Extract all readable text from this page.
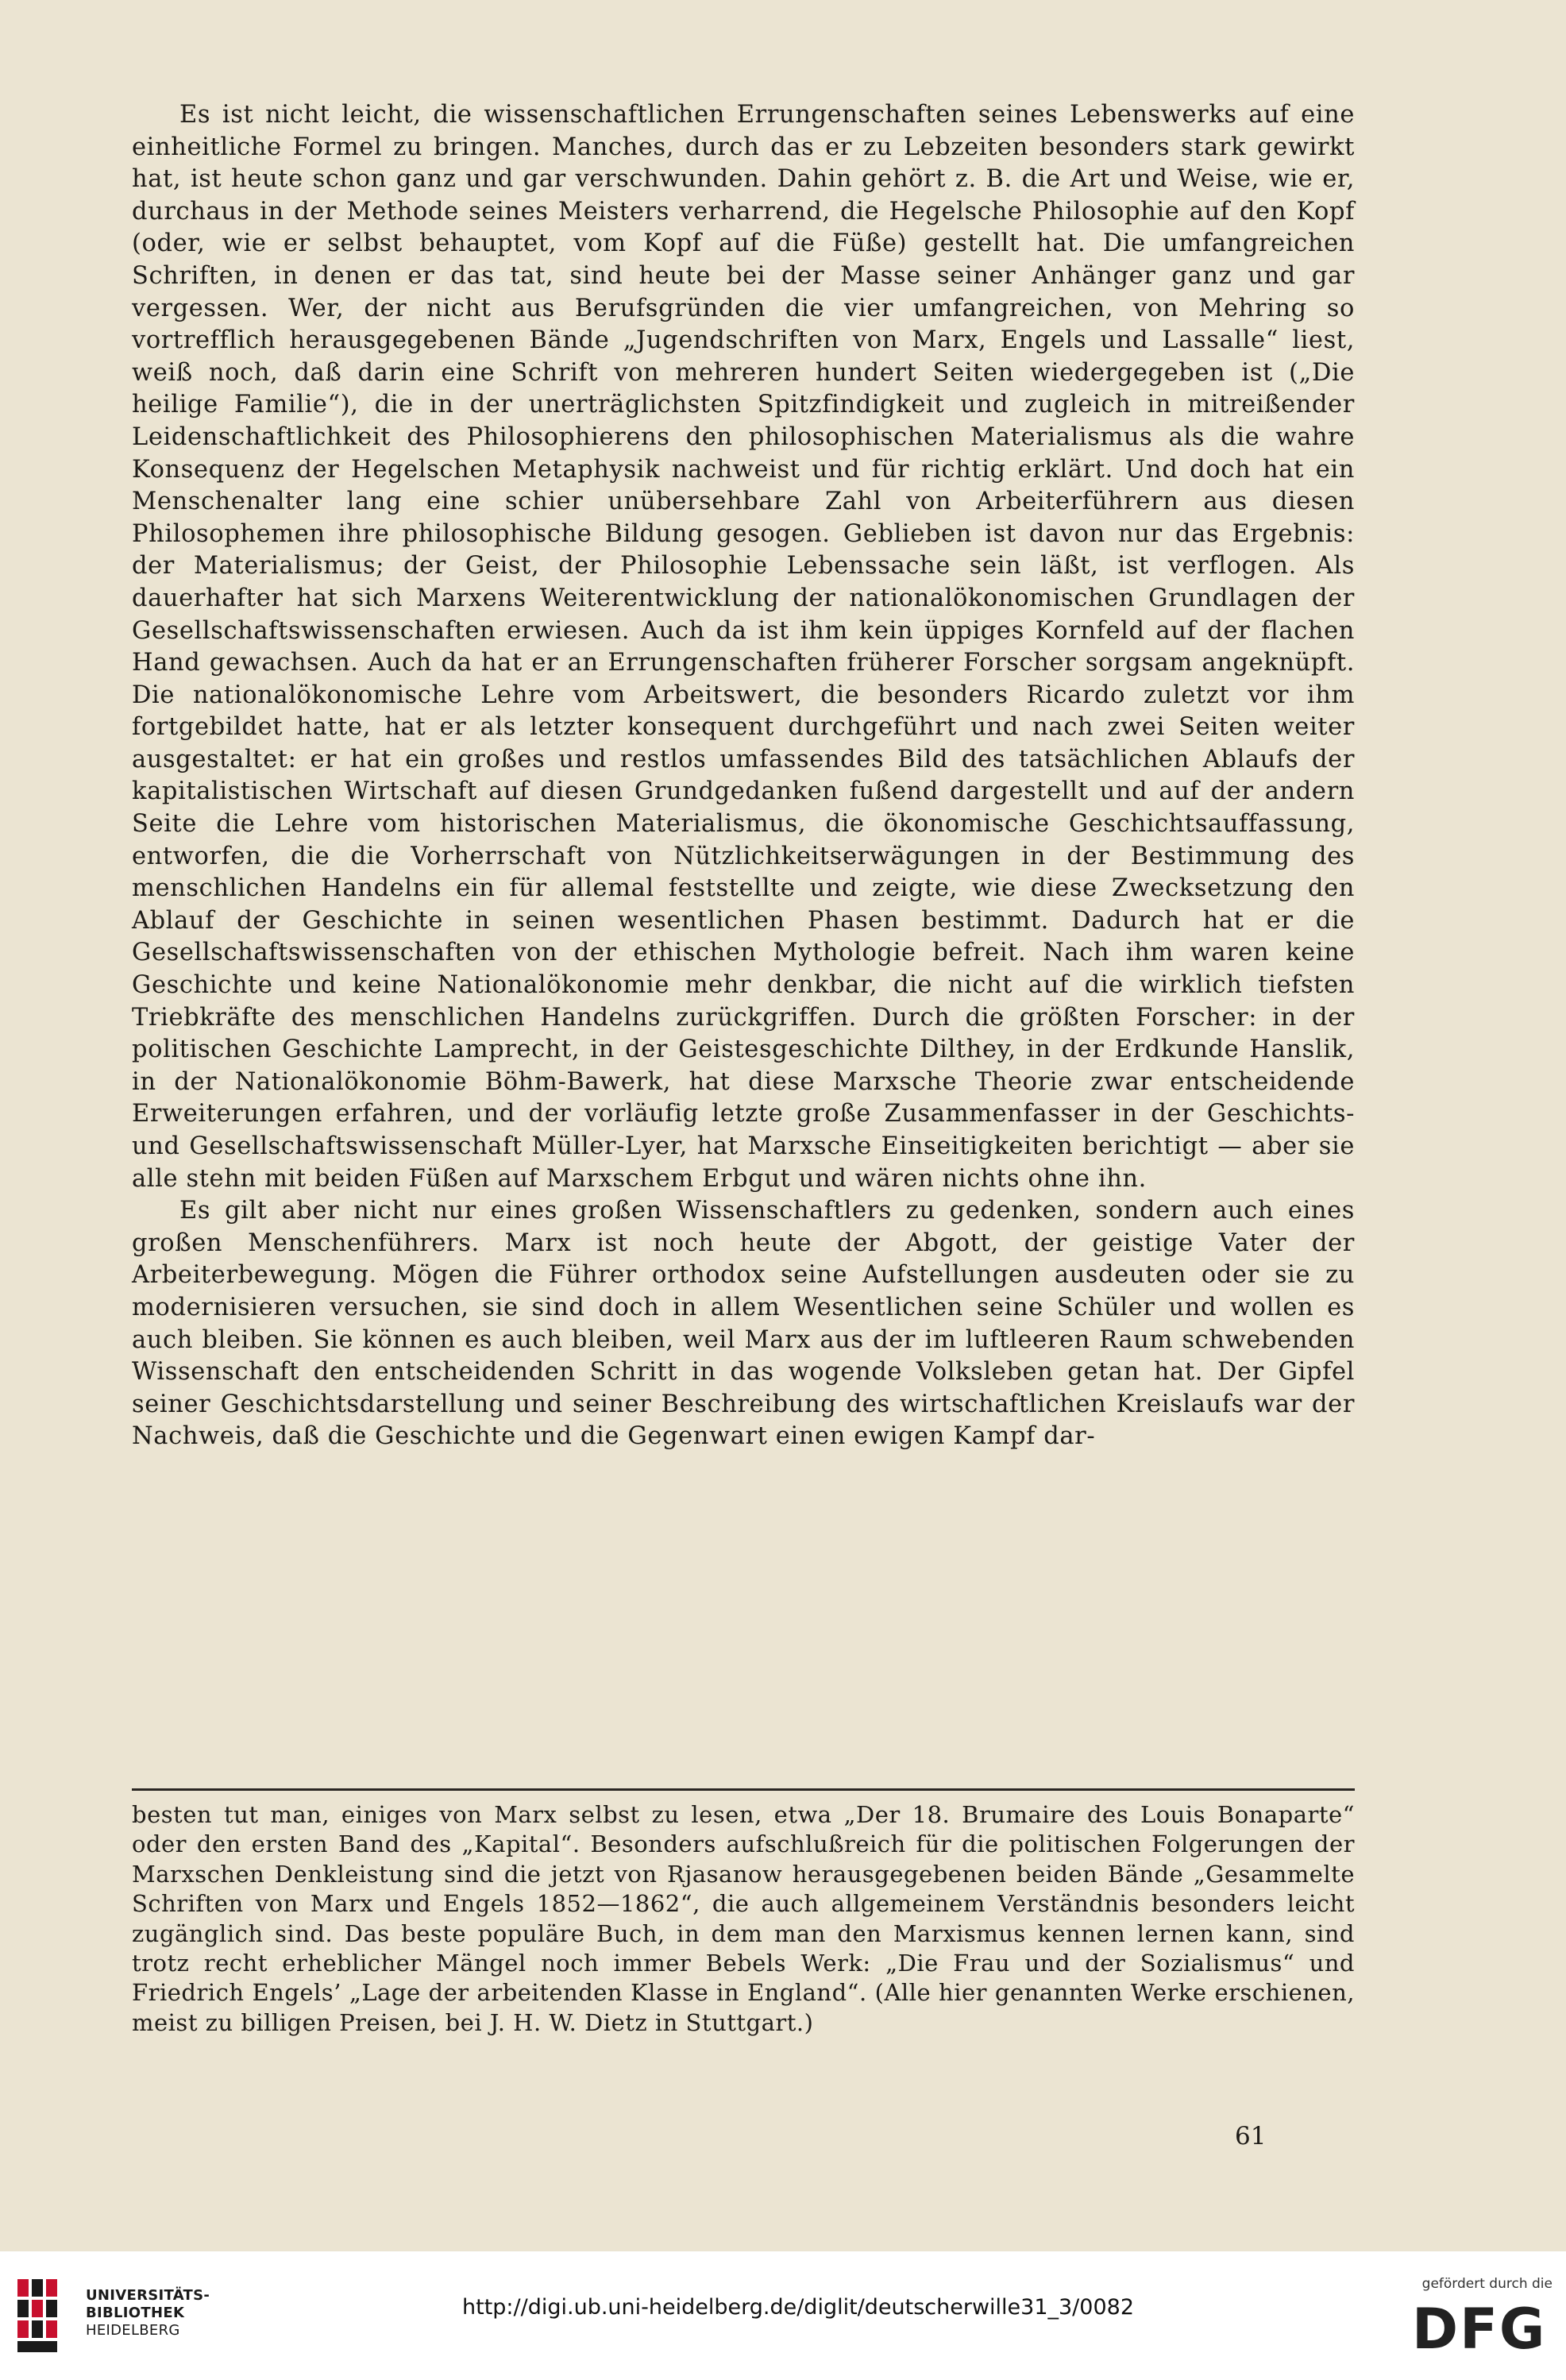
Es ist nicht leicht, die wissenschaftlichen Errungenschaften seines Lebenswerks auf eine einheitliche Formel zu bringen. Manches, durch das er zu Lebzeiten besonders stark gewirkt hat, ist heute schon ganz und gar verschwunden. Dahin gehört z. B. die Art und Weise, wie er, durchaus in der Methode seines Meisters verharrend, die Hegelsche Philosophie auf den Kopf (oder, wie er selbst behauptet, vom Kopf auf die Füße) gestellt hat. Die umfangreichen Schriften, in denen er das tat, sind heute bei der Masse seiner Anhänger ganz und gar vergessen. Wer, der nicht aus Berufsgründen die vier umfangreichen, von Mehring so vortrefflich herausgegebenen Bände „Jugendschriften von Marx, Engels und Lassalle“ liest, weiß noch, daß darin eine Schrift von mehreren hundert Seiten wiedergegeben ist („Die heilige Familie“), die in der unerträglichsten Spitzfindigkeit und zugleich in mitreißender Leidenschaftlichkeit des Philosophierens den philosophischen Materialismus als die wahre Konsequenz der Hegelschen Metaphysik nachweist und für richtig erklärt. Und doch hat ein Menschenalter lang eine schier unübersehbare Zahl von Arbeiterführern aus diesen Philosophemen ihre philosophische Bildung gesogen. Geblieben ist davon nur das Ergebnis: der Materialismus; der Geist, der Philosophie Lebenssache sein läßt, ist verflogen. Als dauerhafter hat sich Marxens Weiterentwicklung der nationalökonomischen Grundlagen der Gesellschaftswissenschaften erwiesen. Auch da ist ihm kein üppiges Kornfeld auf der flachen Hand gewachsen. Auch da hat er an Errungenschaften früherer Forscher sorgsam angeknüpft. Die nationalökonomische Lehre vom Arbeitswert, die besonders Ricardo zuletzt vor ihm fortgebildet hatte, hat er als letzter konsequent durchgeführt und nach zwei Seiten weiter ausgestaltet: er hat ein großes und restlos umfassendes Bild des tatsächlichen Ablaufs der kapitalistischen Wirtschaft auf diesen Grundgedanken fußend dargestellt und auf der andern Seite die Lehre vom historischen Materialismus, die ökonomische Geschichtsauffassung, entworfen, die die Vorherrschaft von Nützlichkeitserwägungen in der Bestimmung des menschlichen Handelns ein für allemal feststellte und zeigte, wie diese Zwecksetzung den Ablauf der Geschichte in seinen wesentlichen Phasen bestimmt. Dadurch hat er die Gesellschaftswissenschaften von der ethischen Mythologie befreit. Nach ihm waren keine Geschichte und keine Nationalökonomie mehr denkbar, die nicht auf die wirklich tiefsten Triebkräfte des menschlichen Handelns zurückgriffen. Durch die größten Forscher: in der politischen Geschichte Lamprecht, in der Geistesgeschichte Dilthey, in der Erdkunde Hanslik, in der Nationalökonomie Böhm-Bawerk, hat diese Marxsche Theorie zwar entscheidende Erweiterungen erfahren, und der vorläufig letzte große Zusammenfasser in der Geschichts- und Gesellschaftswissenschaft Müller-Lyer, hat Marxsche Einseitigkeiten berichtigt — aber sie alle stehn mit beiden Füßen auf Marxschem Erbgut und wären nichts ohne ihn.

Es gilt aber nicht nur eines großen Wissenschaftlers zu gedenken, sondern auch eines großen Menschenführers. Marx ist noch heute der Abgott, der geistige Vater der Arbeiterbewegung. Mögen die Führer orthodox seine Aufstellungen ausdeuten oder sie zu modernisieren versuchen, sie sind doch in allem Wesentlichen seine Schüler und wollen es auch bleiben. Sie können es auch bleiben, weil Marx aus der im luftleeren Raum schwebenden Wissenschaft den entscheidenden Schritt in das wogende Volksleben getan hat. Der Gipfel seiner Geschichtsdarstellung und seiner Beschreibung des wirtschaftlichen Kreislaufs war der Nachweis, daß die Geschichte und die Gegenwart einen ewigen Kampf dar-

besten tut man, einiges von Marx selbst zu lesen, etwa „Der 18. Brumaire des Louis Bonaparte“ oder den ersten Band des „Kapital“. Besonders aufschlußreich für die politischen Folgerungen der Marxschen Denkleistung sind die jetzt von Rjasanow herausgegebenen beiden Bände „Gesammelte Schriften von Marx und Engels 1852—1862“, die auch allgemeinem Verständnis besonders leicht zugänglich sind. Das beste populäre Buch, in dem man den Marxismus kennen lernen kann, sind trotz recht erheblicher Mängel noch immer Bebels Werk: „Die Frau und der Sozialismus“ und Friedrich Engels’ „Lage der arbeitenden Klasse in England“. (Alle hier genannten Werke erschienen, meist zu billigen Preisen, bei J. H. W. Dietz in Stuttgart.)

61
UNIVERSITÄTS-
BIBLIOTHEK
HEIDELBERG
http://digi.ub.uni-heidelberg.de/diglit/deutscherwille31_3/0082
gefördert durch die
DFG
